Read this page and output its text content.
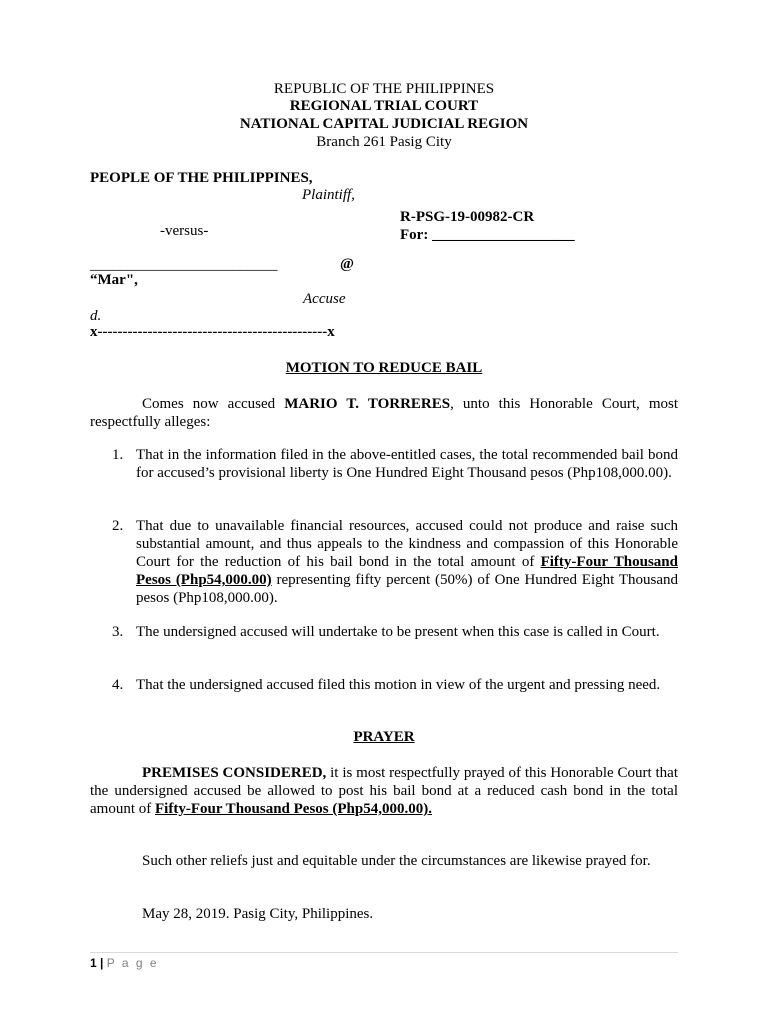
REPUBLIC OF THE PHILIPPINES
REGIONAL TRIAL COURT
NATIONAL CAPITAL JUDICIAL REGION
Branch 261 Pasig City
PEOPLE OF THE PHILIPPINES,
Plaintiff,
R-PSG-19-00982-CR
-versus-	For: ___________________
_________________________	@
“Mar",
Accuse
d.
x----------------------------------------------x
MOTION TO REDUCE BAIL
Comes now accused MARIO T. TORRERES, unto this Honorable Court, most respectfully alleges:
1. That in the information filed in the above-entitled cases, the total recommended bail bond for accused’s provisional liberty is One Hundred Eight Thousand pesos (Php108,000.00).
2. That due to unavailable financial resources, accused could not produce and raise such substantial amount, and thus appeals to the kindness and compassion of this Honorable Court for the reduction of his bail bond in the total amount of Fifty-Four Thousand Pesos (Php54,000.00) representing fifty percent (50%) of One Hundred Eight Thousand pesos (Php108,000.00).
3. The undersigned accused will undertake to be present when this case is called in Court.
4. That the undersigned accused filed this motion in view of the urgent and pressing need.
PRAYER
PREMISES CONSIDERED, it is most respectfully prayed of this Honorable Court that the undersigned accused be allowed to post his bail bond at a reduced cash bond in the total amount of Fifty-Four Thousand Pesos (Php54,000.00).
Such other reliefs just and equitable under the circumstances are likewise prayed for.
May 28, 2019. Pasig City, Philippines.
1 | P a g e
